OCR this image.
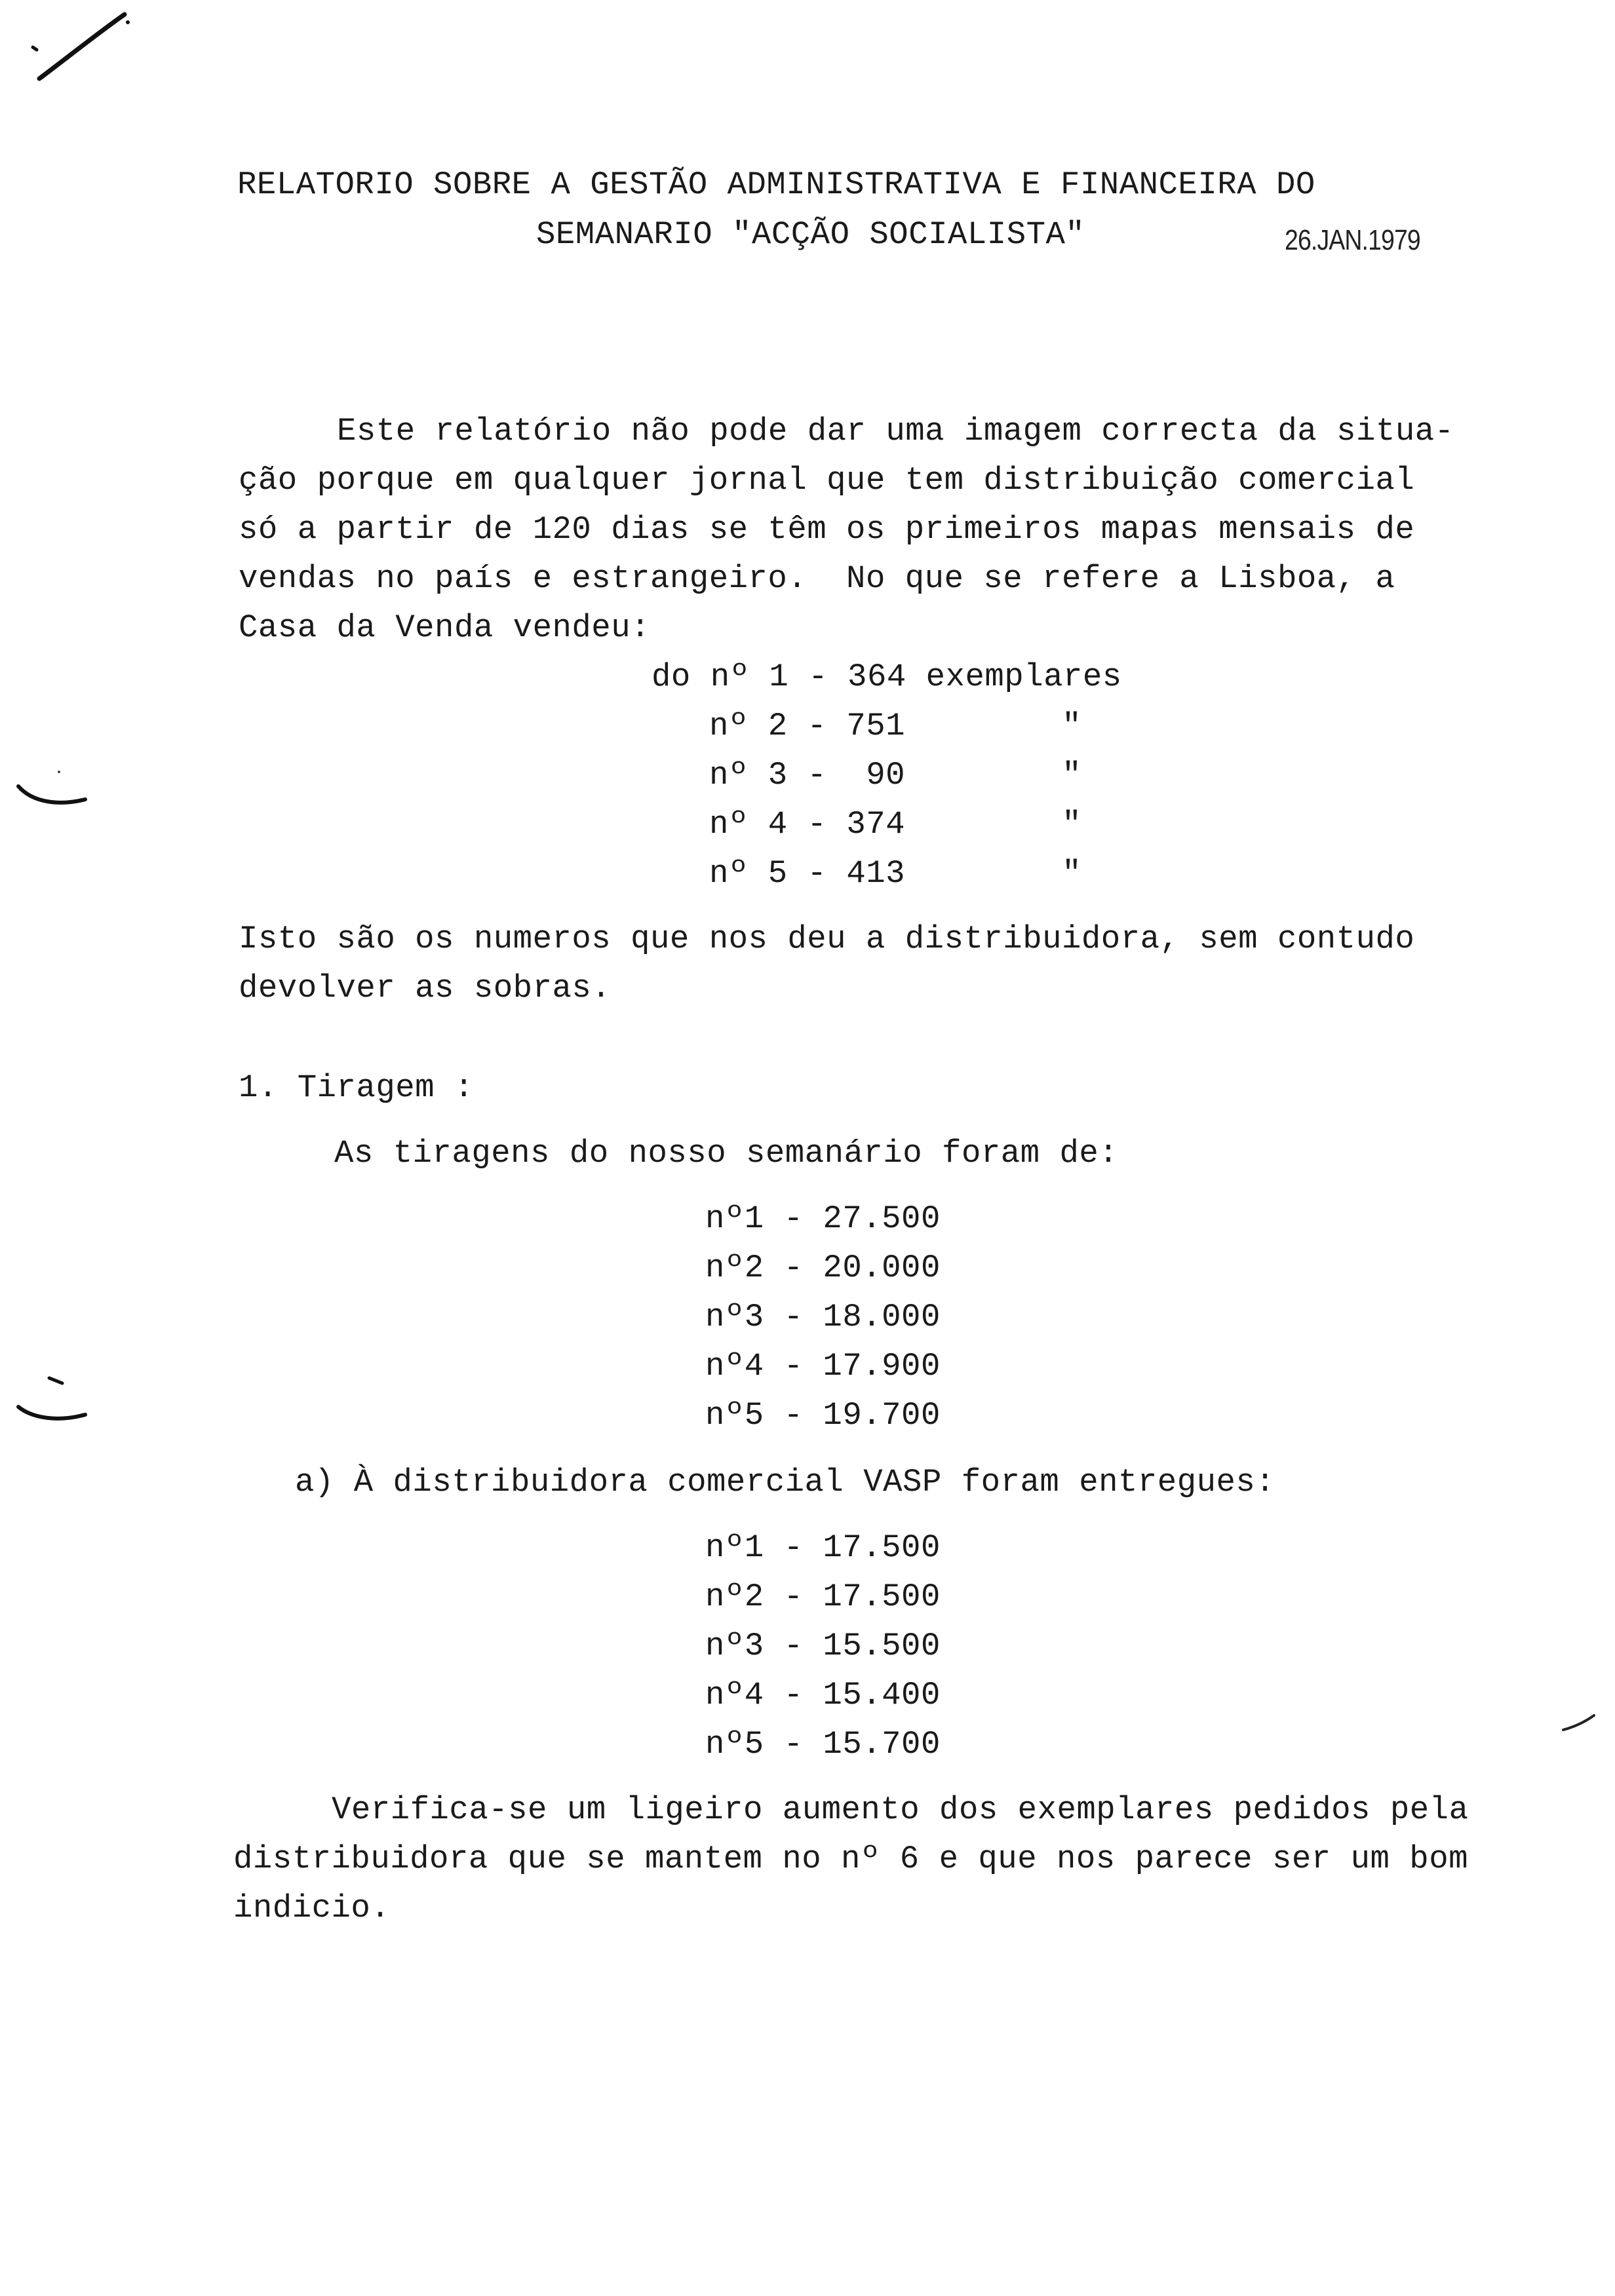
RELATORIO SOBRE A GESTÃO ADMINISTRATIVA E FINANCEIRA DO
SEMANARIO "ACÇÃO SOCIALISTA"	26.JAN.1979
Este relatório não pode dar uma imagem correcta da situa-
ção porque em qualquer jornal que tem distribuição comercial
só a partir de 120 dias se têm os primeiros mapas mensais de
vendas no país e estrangeiro.  No que se refere a Lisboa, a
Casa da Venda vendeu:
do nº 1 - 364 exemplares
nº 2 - 751        "
nº 3 -  90        "
nº 4 - 374        "
nº 5 - 413        "
Isto são os numeros que nos deu a distribuidora, sem contudo
devolver as sobras.
1. Tiragem :
As tiragens do nosso semanário foram de:
nº1 - 27.500
nº2 - 20.000
nº3 - 18.000
nº4 - 17.900
nº5 - 19.700
a) À distribuidora comercial VASP foram entregues:
nº1 - 17.500
nº2 - 17.500
nº3 - 15.500
nº4 - 15.400
nº5 - 15.700
Verifica-se um ligeiro aumento dos exemplares pedidos pela
distribuidora que se mantem no nº 6 e que nos parece ser um bom
indicio.
